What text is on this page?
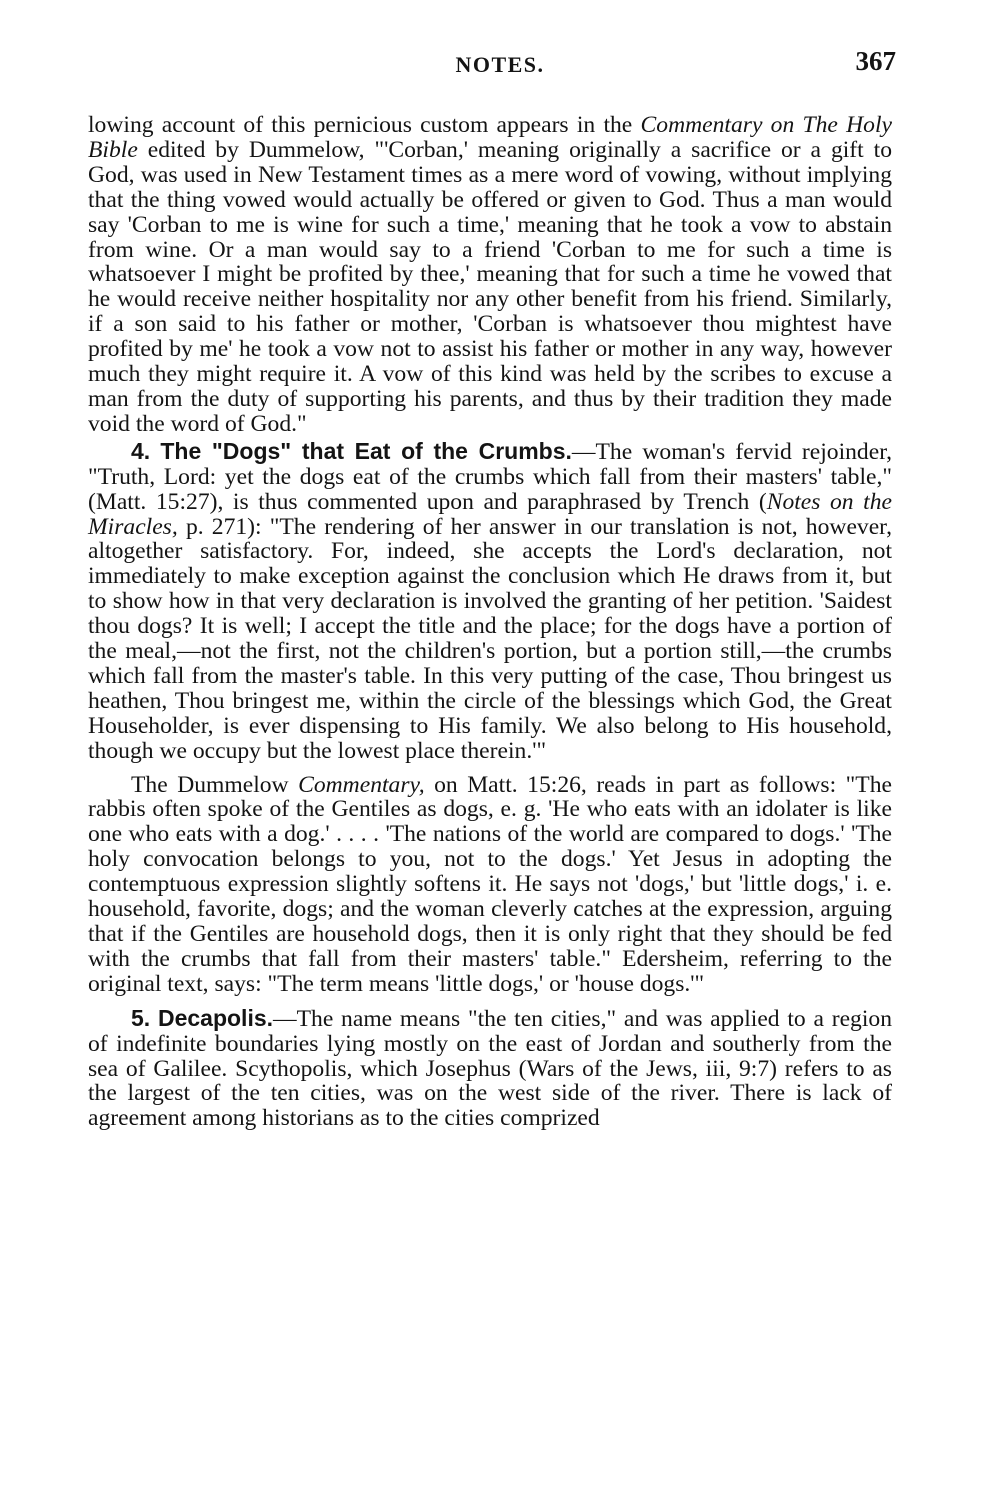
NOTES.	367

lowing account of this pernicious custom appears in the Commentary on The Holy Bible edited by Dummelow, "'Corban,' meaning originally a sacrifice or a gift to God, was used in New Testament times as a mere word of vowing, without implying that the thing vowed would actually be offered or given to God. Thus a man would say 'Corban to me is wine for such a time,' meaning that he took a vow to abstain from wine. Or a man would say to a friend 'Corban to me for such a time is whatsoever I might be profited by thee,' meaning that for such a time he vowed that he would receive neither hospitality nor any other benefit from his friend. Similarly, if a son said to his father or mother, 'Corban is whatsoever thou mightest have profited by me' he took a vow not to assist his father or mother in any way, however much they might require it. A vow of this kind was held by the scribes to excuse a man from the duty of supporting his parents, and thus by their tradition they made void the word of God."

4. The "Dogs" that Eat of the Crumbs.—The woman's fervid rejoinder, "Truth, Lord: yet the dogs eat of the crumbs which fall from their masters' table," (Matt. 15:27), is thus commented upon and paraphrased by Trench (Notes on the Miracles, p. 271): "The rendering of her answer in our translation is not, however, altogether satisfactory. For, indeed, she accepts the Lord's declaration, not immediately to make exception against the conclusion which He draws from it, but to show how in that very declaration is involved the granting of her petition. 'Saidest thou dogs? It is well; I accept the title and the place; for the dogs have a portion of the meal,—not the first, not the children's portion, but a portion still,—the crumbs which fall from the master's table. In this very putting of the case, Thou bringest us heathen, Thou bringest me, within the circle of the blessings which God, the Great Householder, is ever dispensing to His family. We also belong to His household, though we occupy but the lowest place therein.'"

The Dummelow Commentary, on Matt. 15:26, reads in part as follows: "The rabbis often spoke of the Gentiles as dogs, e. g. 'He who eats with an idolater is like one who eats with a dog.' . . . . 'The nations of the world are compared to dogs.' 'The holy convocation belongs to you, not to the dogs.' Yet Jesus in adopting the contemptuous expression slightly softens it. He says not 'dogs,' but 'little dogs,' i. e. household, favorite, dogs; and the woman cleverly catches at the expression, arguing that if the Gentiles are household dogs, then it is only right that they should be fed with the crumbs that fall from their masters' table." Edersheim, referring to the original text, says: "The term means 'little dogs,' or 'house dogs.'"

5. Decapolis.—The name means "the ten cities," and was applied to a region of indefinite boundaries lying mostly on the east of Jordan and southerly from the sea of Galilee. Scythopolis, which Josephus (Wars of the Jews, iii, 9:7) refers to as the largest of the ten cities, was on the west side of the river. There is lack of agreement among historians as to the cities comprized
